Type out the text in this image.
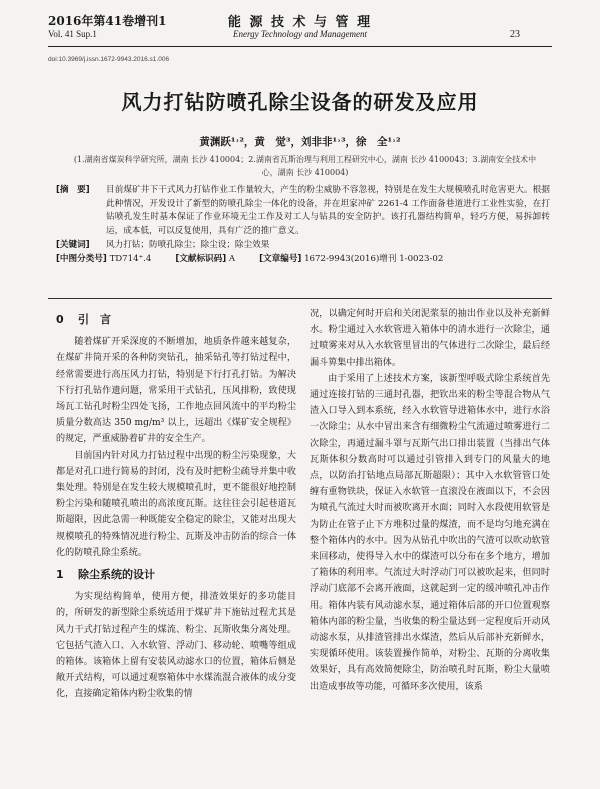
2016年第41卷增刊1
Vol. 41 Sup.1
能 源 技 术 与 管 理
Energy Technology and Management	23
doi:10.3969/j.issn.1672-9943.2016.s1.006
风力打钻防喷孔除尘设备的研发及应用
黄渊跃¹˒²，黄　觉³，刘非非¹˒³，徐　全¹˒²
(1.湖南省煤炭科学研究所，湖南 长沙 410004；2.湖南省瓦斯治理与利用工程研究中心，湖南 长沙 4100043；3.湖南安全技术中心，湖南 长沙 410004)
[摘　要]	目前煤矿井下干式风力打钻作业工作量较大，产生的粉尘威胁不容忽视，特别是在发生大规模喷孔时危害更大。根据此种情况，开发设计了新型的防喷孔除尘一体化的设备，并在坦家冲矿 2261-4 工作面备巷道进行工业性实验，在打钻喷孔发生时基本保证了作业环境无尘工作及对工人与钻具的安全防护。该打孔器结构简单，轻巧方便，易拆卸转运，成本低，可以反复使用，具有广泛的推广意义。
[关键词]	风力打钻；防喷孔除尘；除尘设；除尘效果
[中图分类号] TD714⁺.4	[文献标识码] A	[文章编号] 1672-9943(2016)增刊 1-0023-02
0 引　言

随着煤矿开采深度的不断增加，地质条件越来越复杂，在煤矿井筒开采的各种防突钻孔，抽采钻孔等打钻过程中，经常需要进行高压风力打钻，特别是下行打孔打钻。为解决下行打孔钻作遗问题，常采用干式钻孔，压风排粉，致使现场瓦工钻孔时粉尘四处飞扬，工作地点回风流中的平均粉尘质量分数高达 350 mg/m³ 以上，远超出《煤矿安全规程》的规定，严重威胁着矿井的安全生产。

目前国内针对风力打钻过程中出现的粉尘污染现象，大都是对孔口进行简易的封闭，没有及时把粉尘疏导并集中收集处理。特别是在发生较大规模喷孔时，更不能很好地控制粉尘污染和随喷孔喷出的高浓度瓦斯。这往往会引起巷道瓦斯超限，因此急需一种既能安全稳定的除尘，又能对出现大规模喷孔的特殊情况进行粉尘、瓦斯及冲击防治的综合一体化的防喷孔除尘系统。

1 除尘系统的设计

为实现结构简单，使用方便，排渣效果好的多功能目的，所研发的新型除尘系统适用于煤矿井下施钻过程尤其是风力干式打钻过程产生的煤流、粉尘、瓦斯收集分离处理。它包括气渣入口、入水软管、浮动门、移动轮、喷嘴等组成的箱体。该箱体上留有安装风动滤水口的位置，箱体后侧是敞开式结构，可以通过观察箱体中水煤流混合液体的成分变化，直接确定箱体内粉尘收集的情

况，以确定何时开启和关闭泥浆泵的抽出作业以及补充新鲜水。粉尘通过入水软管进入箱体中的清水进行一次除尘，通过喷雾来对从入水软管里冒出的气体进行二次除尘，最后经漏斗箅集中排出箱体。

由于采用了上述技术方案，该新型呼吸式除尘系统首先通过连接打钻的三通封孔器，把钦出来的粉尘等混合物从气渣入口导入到本系统，经入水软管导进箱体水中，进行水浴一次除尘；从水中冒出来含有细微粉尘气流通过喷雾进行二次除尘，再通过漏斗罩与瓦斯气出口排出装置（当排出气体瓦斯体积分数高时可以通过引管排入到专门的风量大的地点，以防治打钻地点局部瓦斯超限）；其中入水软管管口处缠有重物铁块，保证入水软管一直滚没在液面以下，不会因为喷孔气流过大时而被吹离开水面；同时入水段使用软管是为防止在管子止下方堆积过量的煤渣，而不是均匀地充满在整个箱体内的水中。因为从钻孔中吹出的气渣可以吹动软管来回移动，使得导入水中的煤渣可以分布在多个地方，增加了箱体的利用率。气流过大时浮动门可以被吹起来，但同时浮动门底部不会离开液面，这就起到一定的缓冲喷孔冲击作用。箱体内装有风动滤水泵，通过箱体后部的开口位置观察箱体内部的粉尘量，当收集的粉尘量达到一定程度后开动风动滤水泵，从排渣管排出水煤渣，然后从后部补充新鲜水，实现循环使用。该装置操作简单，对粉尘、瓦斯的分离收集效果好，具有高效简便除尘，防治喷孔时瓦斯，粉尘大量喷出造成事故等功能，可循环多次使用，该系
